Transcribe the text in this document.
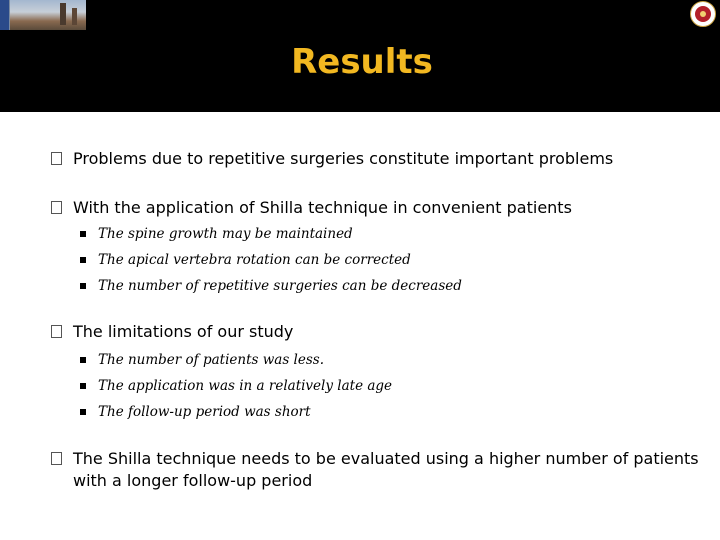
Results
Problems due to repetitive surgeries constitute important problems
With the application of Shilla technique in convenient patients
The spine growth may be maintained
The apical vertebra rotation can be corrected
The number of repetitive surgeries can be decreased
The limitations of our study
The number of patients was less.
The application was in a relatively late age
The follow-up period was short
The Shilla technique needs to be evaluated using a higher number of patients with a longer follow-up period
